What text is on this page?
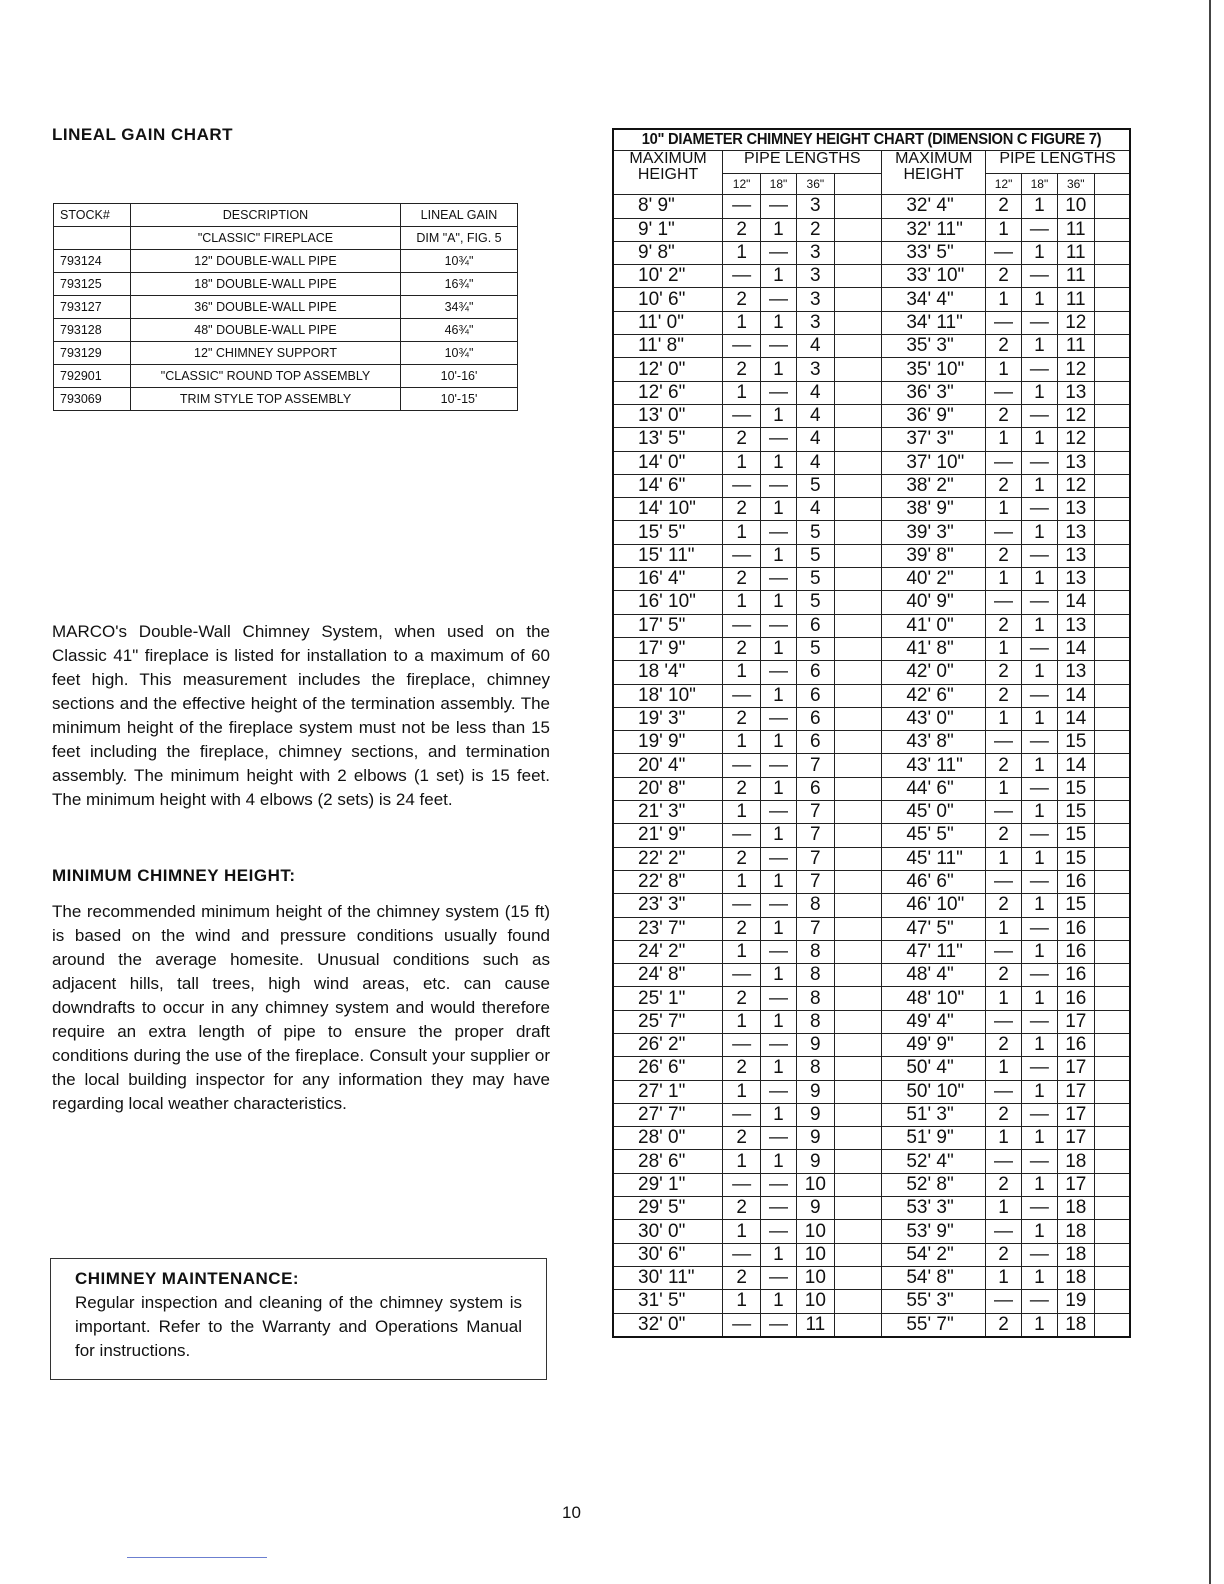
LINEAL GAIN CHART
STOCK#	DESCRIPTION	LINEAL GAIN
	"CLASSIC" FIREPLACE	DIM "A", FIG. 5
793124	12" DOUBLE-WALL PIPE	10¾"
793125	18" DOUBLE-WALL PIPE	16¾"
793127	36" DOUBLE-WALL PIPE	34¾"
793128	48" DOUBLE-WALL PIPE	46¾"
793129	12" CHIMNEY SUPPORT	10¾"
792901	"CLASSIC" ROUND TOP ASSEMBLY	10'-16'
793069	TRIM STYLE TOP ASSEMBLY	10'-15'

MARCO's Double-Wall Chimney System, when used on the Classic 41" fireplace is listed for installation to a maximum of 60 feet high. This measurement includes the fireplace, chimney sections and the effective height of the termination assembly. The minimum height of the fireplace system must not be less than 15 feet including the fireplace, chimney sections, and termination assembly. The minimum height with 2 elbows (1 set) is 15 feet. The minimum height with 4 elbows (2 sets) is 24 feet.

MINIMUM CHIMNEY HEIGHT:

The recommended minimum height of the chimney system (15 ft) is based on the wind and pressure conditions usually found around the average homesite. Unusual conditions such as adjacent hills, tall trees, high wind areas, etc. can cause downdrafts to occur in any chimney system and would therefore require an extra length of pipe to ensure the proper draft conditions during the use of the fireplace. Consult your supplier or the local building inspector for any information they may have regarding local weather characteristics.

CHIMNEY MAINTENANCE:

Regular inspection and cleaning of the chimney system is important. Refer to the Warranty and Operations Manual for instructions.

10" DIAMETER CHIMNEY HEIGHT CHART (DIMENSION C FIGURE 7)									
MAXIMUM HEIGHT	PIPE LENGTHS				MAXIMUM HEIGHT	PIPE LENGTHS			
	12"	18"	36"			12"	18"	36"	
8' 9"	—	—	3		32' 4"	2	1	10	
9' 1"	2	1	2		32' 11"	1	—	11	
9' 8"	1	—	3		33' 5"	—	1	11	
10' 2"	—	1	3		33' 10"	2	—	11	
10' 6"	2	—	3		34' 4"	1	1	11	
11' 0"	1	1	3		34' 11"	—	—	12	
11' 8"	—	—	4		35' 3"	2	1	11	
12' 0"	2	1	3		35' 10"	1	—	12	
12' 6"	1	—	4		36' 3"	—	1	13	
13' 0"	—	1	4		36' 9"	2	—	12	
13' 5"	2	—	4		37' 3"	1	1	12	
14' 0"	1	1	4		37' 10"	—	—	13	
14' 6"	—	—	5		38' 2"	2	1	12	
14' 10"	2	1	4		38' 9"	1	—	13	
15' 5"	1	—	5		39' 3"	—	1	13	
15' 11"	—	1	5		39' 8"	2	—	13	
16' 4"	2	—	5		40' 2"	1	1	13	
16' 10"	1	1	5		40' 9"	—	—	14	
17' 5"	—	—	6		41' 0"	2	1	13	
17' 9"	2	1	5		41' 8"	1	—	14	
18 '4"	1	—	6		42' 0"	2	1	13	
18' 10"	—	1	6		42' 6"	2	—	14	
19' 3"	2	—	6		43' 0"	1	1	14	
19' 9"	1	1	6		43' 8"	—	—	15	
20' 4"	—	—	7		43' 11"	2	1	14	
20' 8"	2	1	6		44' 6"	1	—	15	
21' 3"	1	—	7		45' 0"	—	1	15	
21' 9"	—	1	7		45' 5"	2	—	15	
22' 2"	2	—	7		45' 11"	1	1	15	
22' 8"	1	1	7		46' 6"	—	—	16	
23' 3"	—	—	8		46' 10"	2	1	15	
23' 7"	2	1	7		47' 5"	1	—	16	
24' 2"	1	—	8		47' 11"	—	1	16	
24' 8"	—	1	8		48' 4"	2	—	16	
25' 1"	2	—	8		48' 10"	1	1	16	
25' 7"	1	1	8		49' 4"	—	—	17	
26' 2"	—	—	9		49' 9"	2	1	16	
26' 6"	2	1	8		50' 4"	1	—	17	
27' 1"	1	—	9		50' 10"	—	1	17	
27' 7"	—	1	9		51' 3"	2	—	17	
28' 0"	2	—	9		51' 9"	1	1	17	
28' 6"	1	1	9		52' 4"	—	—	18	
29' 1"	—	—	10		52' 8"	2	1	17	
29' 5"	2	—	9		53' 3"	1	—	18	
30' 0"	1	—	10		53' 9"	—	1	18	
30' 6"	—	1	10		54' 2"	2	—	18	
30' 11"	2	—	10		54' 8"	1	1	18	
31' 5"	1	1	10		55' 3"	—	—	19	
32' 0"	—	—	11		55' 7"	2	1	18	
10
